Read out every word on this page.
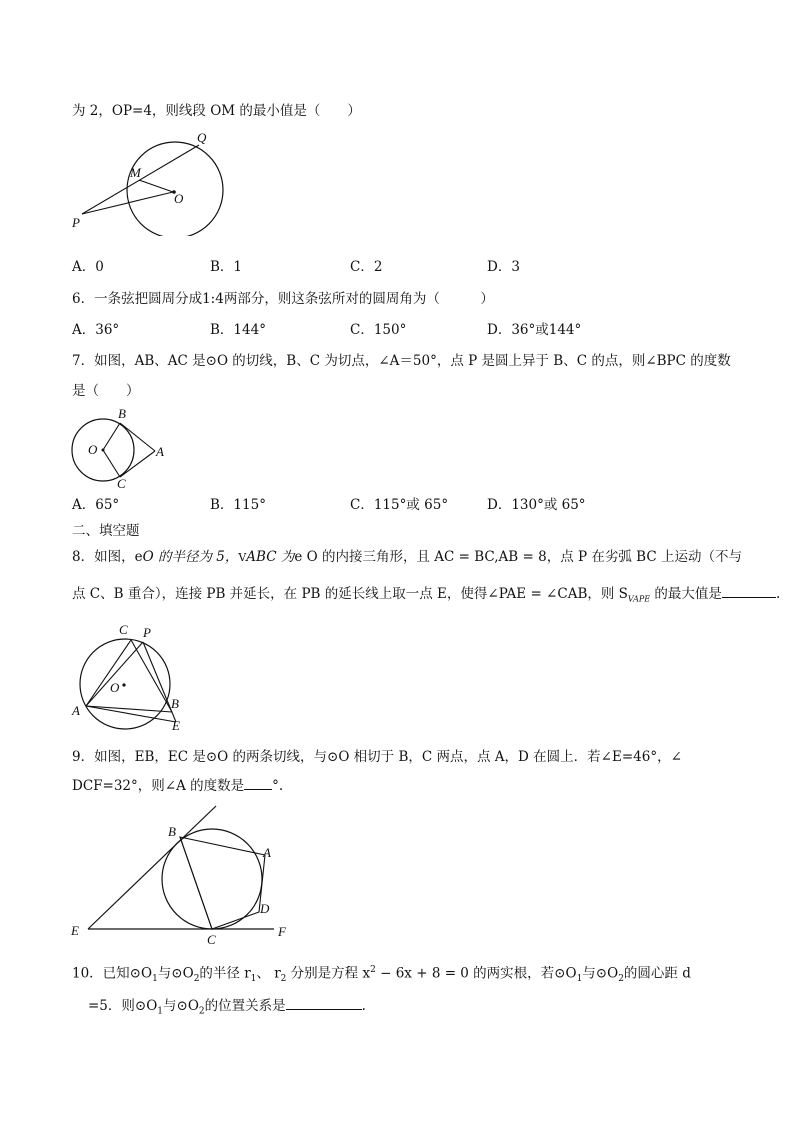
为 2，OP=4，则线段 OM 的最小值是（　　）
Q
M
O
P
A．0	B．1	C．2	D．3
6．一条弦把圆周分成1:4两部分，则这条弦所对的圆周角为（　　　）
A．36°	B．144°	C．150°	D．36°或144°
7．如图，AB、AC 是⊙O 的切线，B、C 为切点，∠A＝50°，点 P 是圆上异于 B、C 的点，则∠BPC 的度数
是（　　）
B
O	A
C
A．65°	B．115°	C．115°或 65°	D．130°或 65°
二、填空题
8．如图，eO 的半径为 5，VABC 为e O 的内接三角形，且 AC = BC,AB = 8，点 P 在劣弧 BC 上运动（不与
点 C、B 重合），连接 PB 并延长，在 PB 的延长线上取一点 E，使得∠PAE = ∠CAB，则 $S_{VAPE}$ 的最大值是	.
C P
O
A	B
E
9．如图，EB，EC 是⊙O 的两条切线，与⊙O 相切于 B，C 两点，点 A，D 在圆上．若∠E=46°，∠
DCF=32°，则∠A 的度数是 °.
B
A
D
E
C
F
10．已知$⊙O_1$与$⊙O_2$的半径 $r_1$、 $r_2$ 分别是方程 $x^2 - 6x + 8 = 0$ 的两实根，若$⊙O_1$与$⊙O_2$的圆心距 d
=5．则$⊙O_1$与$⊙O_2$的位置关系是	.
